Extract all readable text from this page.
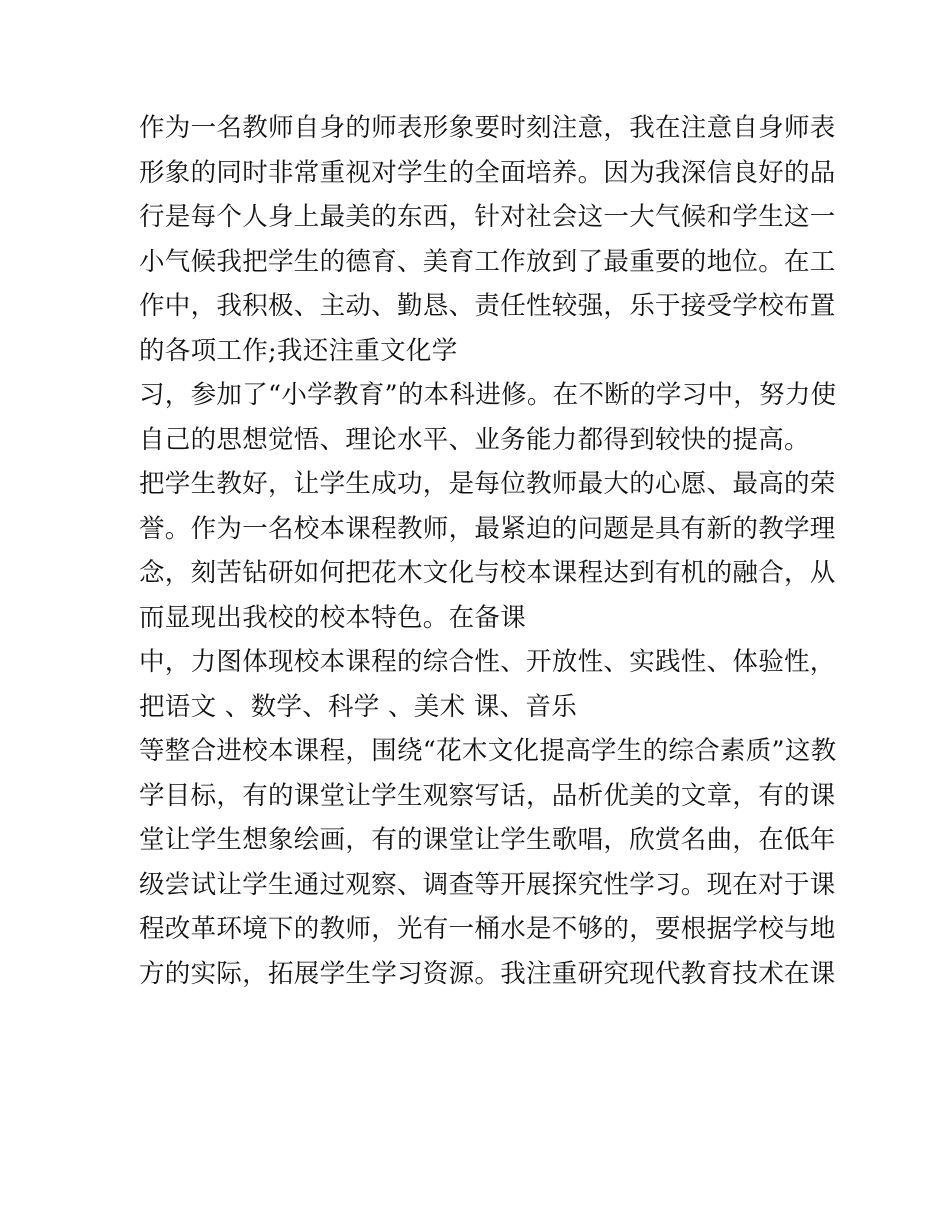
作为一名教师自身的师表形象要时刻注意，我在注意自身师表
形象的同时非常重视对学生的全面培养。因为我深信良好的品
行是每个人身上最美的东西，针对社会这一大气候和学生这一
小气候我把学生的德育、美育工作放到了最重要的地位。在工
作中，我积极、主动、勤恳、责任性较强，乐于接受学校布置
的各项工作;我还注重文化学
习，参加了“小学教育”的本科进修。在不断的学习中，努力使
自己的思想觉悟、理论水平、业务能力都得到较快的提高。
把学生教好，让学生成功，是每位教师最大的心愿、最高的荣
誉。作为一名校本课程教师，最紧迫的问题是具有新的教学理
念，刻苦钻研如何把花木文化与校本课程达到有机的融合，从
而显现出我校的校本特色。在备课
中，力图体现校本课程的综合性、开放性、实践性、体验性，
把语文 、数学、科学 、美术 课、音乐
等整合进校本课程，围绕“花木文化提高学生的综合素质”这教
学目标，有的课堂让学生观察写话，品析优美的文章，有的课
堂让学生想象绘画，有的课堂让学生歌唱，欣赏名曲，在低年
级尝试让学生通过观察、调查等开展探究性学习。现在对于课
程改革环境下的教师，光有一桶水是不够的，要根据学校与地
方的实际，拓展学生学习资源。我注重研究现代教育技术在课
